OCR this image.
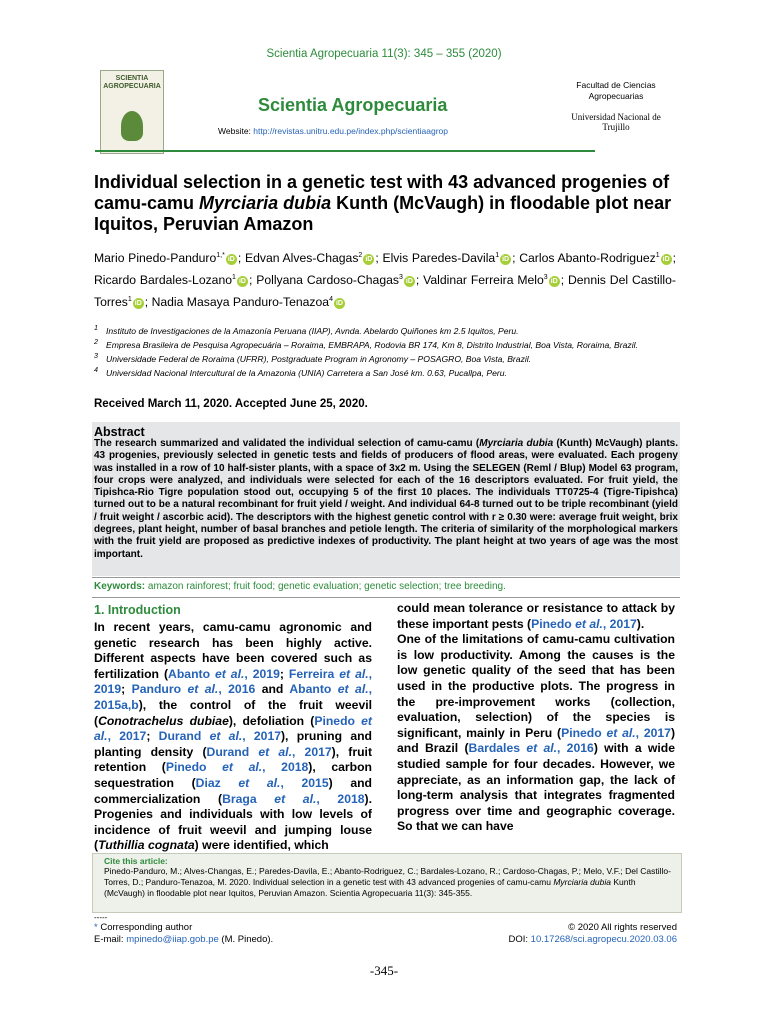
Scientia Agropecuaria 11(3): 345 – 355 (2020)
SCIENTIA
AGROPECUARIA
Scientia Agropecuaria
Website: http://revistas.unitru.edu.pe/index.php/scientiaagrop
Facultad de Ciencias
Agropecuarias
Universidad Nacional de
Trujillo
Individual selection in a genetic test with 43 advanced progenies of camu-camu Myrciaria dubia Kunth (McVaugh) in floodable plot near Iquitos, Peruvian Amazon
Mario Pinedo-Panduro$^{1,*}$iD ; Edvan Alves-Chagas$^2$iD ; Elvis Paredes-Davila$^1$iD ; Carlos Abanto-Rodriguez$^1$iD ; Ricardo Bardales-Lozano$^1$iD ; Pollyana Cardoso-Chagas$^3$iD ; Valdinar Ferreira Melo$^3$iD ; Dennis Del Castillo-Torres$^1$iD ; Nadia Masaya Panduro-Tenazoa$^4$iD
$^1$ Instituto de Investigaciones de la Amazonía Peruana (IIAP), Avnda. Abelardo Quiñones km 2.5 Iquitos, Peru.
$^2$ Empresa Brasileira de Pesquisa Agropecuária – Roraima, EMBRAPA, Rodovia BR 174, Km 8, Distrito Industrial, Boa Vista, Roraima, Brazil.
$^3$ Universidade Federal de Roraima (UFRR), Postgraduate Program in Agronomy – POSAGRO, Boa Vista, Brazil.
$^4$ Universidad Nacional Intercultural de la Amazonia (UNIA) Carretera a San José km. 0.63, Pucallpa, Peru.
Received March 11, 2020. Accepted June 25, 2020.
Abstract
The research summarized and validated the individual selection of camu-camu (Myrciaria dubia (Kunth) McVaugh) plants. 43 progenies, previously selected in genetic tests and fields of producers of flood areas, were evaluated. Each progeny was installed in a row of 10 half-sister plants, with a space of 3x2 m. Using the SELEGEN (Reml / Blup) Model 63 program, four crops were analyzed, and individuals were selected for each of the 16 descriptors evaluated. For fruit yield, the Tipishca-Rio Tigre population stood out, occupying 5 of the first 10 places. The individuals TT0725-4 (Tigre-Tipishca) turned out to be a natural recombinant for fruit yield / weight. And individual 64-8 turned out to be triple recombinant (yield / fruit weight / ascorbic acid). The descriptors with the highest genetic control with r ≥ 0.30 were: average fruit weight, brix degrees, plant height, number of basal branches and petiole length. The criteria of similarity of the morphological markers with the fruit yield are proposed as predictive indexes of productivity. The plant height at two years of age was the most important.
Keywords: amazon rainforest; fruit food; genetic evaluation; genetic selection; tree breeding.
1. Introduction
In recent years, camu-camu agronomic and genetic research has been highly active. Different aspects have been covered such as fertilization (Abanto et al., 2019; Ferreira et al., 2019; Panduro et al., 2016 and Abanto et al., 2015a,b), the control of the fruit weevil (Conotrachelus dubiae), defoliation (Pinedo et al., 2017; Durand et al., 2017), pruning and planting density (Durand et al., 2017), fruit retention (Pinedo et al., 2018), carbon sequestration (Diaz et al., 2015) and commercialization (Braga et al., 2018). Progenies and individuals with low levels of incidence of fruit weevil and jumping louse (Tuthillia cognata) were identified, which
could mean tolerance or resistance to attack by these important pests (Pinedo et al., 2017).
One of the limitations of camu-camu cultivation is low productivity. Among the causes is the low genetic quality of the seed that has been used in the productive plots. The progress in the pre-improvement works (collection, evaluation, selection) of the species is significant, mainly in Peru (Pinedo et al., 2017) and Brazil (Bardales et al., 2016) with a wide studied sample for four decades. However, we appreciate, as an information gap, the lack of long-term analysis that integrates fragmented progress over time and geographic coverage. So that we can have
Cite this article:
Pinedo-Panduro, M.; Alves-Changas, E.; Paredes-Davila, E.; Abanto-Rodriguez, C.; Bardales-Lozano, R.; Cardoso-Chagas, P.; Melo, V.F.; Del Castillo-Torres, D.; Panduro-Tenazoa, M. 2020. Individual selection in a genetic test with 43 advanced progenies of camu-camu Myrciaria dubia Kunth (McVaugh) in floodable plot near Iquitos, Peruvian Amazon. Scientia Agropecuaria 11(3): 345-355.
-----
* Corresponding author
E-mail: mpinedo@iiap.gob.pe (M. Pinedo).
© 2020 All rights reserved
DOI: 10.17268/sci.agropecu.2020.03.06
-345-
